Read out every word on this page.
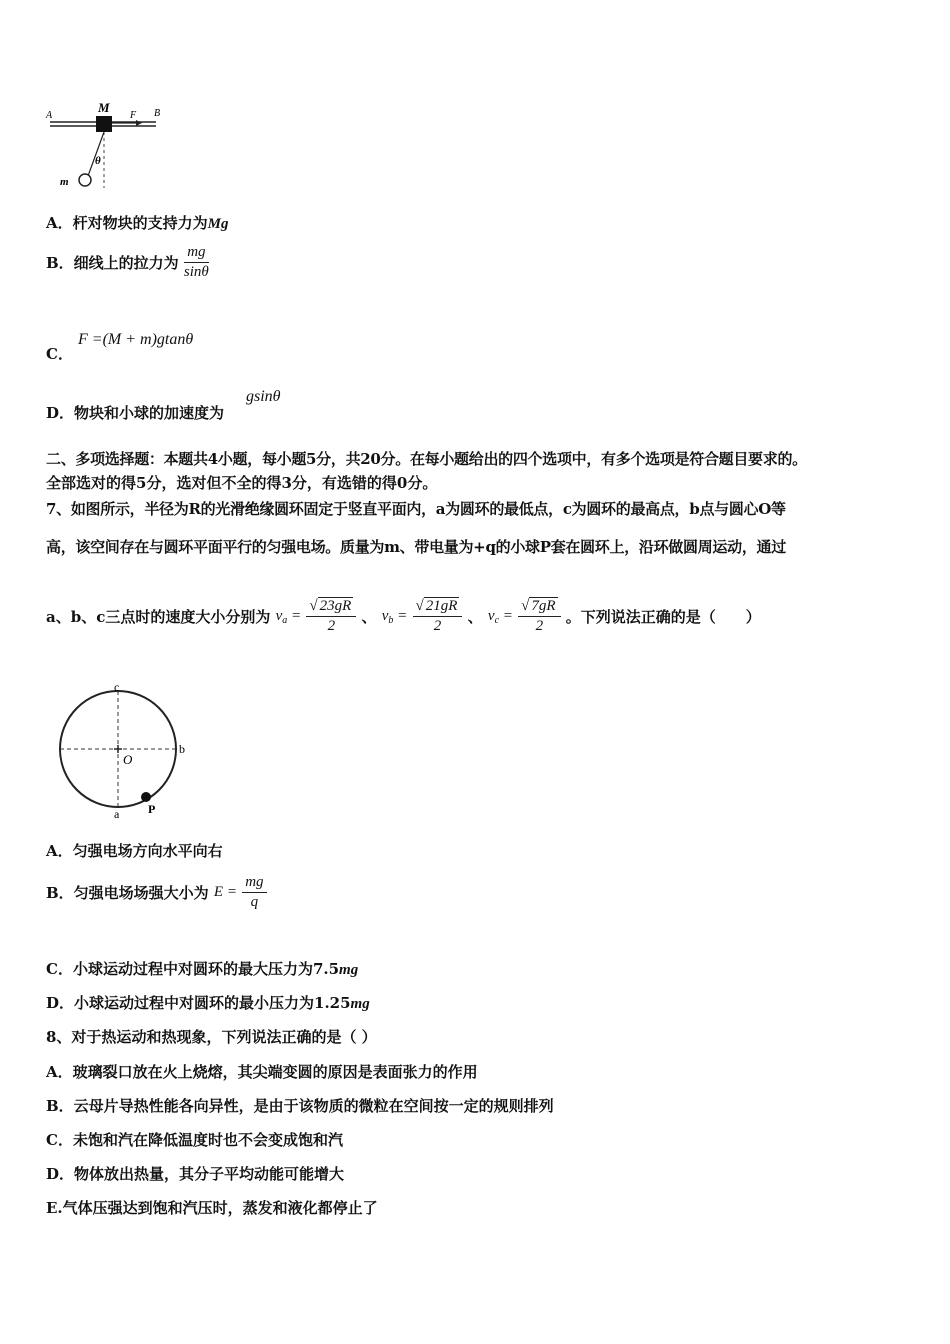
A
M
F B
θ
m
A．杆对物块的支持力为Mg
B．细线上的拉力为 $\frac{mg}{\sin\theta}$
C．
F =(M + m)gtanθ
D．物块和小球的加速度为
gsinθ
二、多项选择题：本题共4小题，每小题5分，共20分。在每小题给出的四个选项中，有多个选项是符合题目要求的。
全部选对的得5分，选对但不全的得3分，有选错的得0分。
7、如图所示，半径为R的光滑绝缘圆环固定于竖直平面内，a为圆环的最低点，c为圆环的最高点，b点与圆心O等
高，该空间存在与圆环平面平行的匀强电场。质量为m、带电量为+q的小球P套在圆环上，沿环做圆周运动，通过
a、b、c三点时的速度大小分别为 $v_a = \frac{√ 23gR}{2}$ 、 $v_b = \frac{√ 21gR}{2}$ 、 $v_c = \frac{√ 7gR}{2}$ 。下列说法正确的是（　　）
c
b
O
a P
A．匀强电场方向水平向右
B．匀强电场场强大小为 $E = \frac{mg}{q}$
C．小球运动过程中对圆环的最大压力为7.5mg
D．小球运动过程中对圆环的最小压力为1.25mg
8、对于热运动和热现象，下列说法正确的是（ ）
A．玻璃裂口放在火上烧熔，其尖端变圆的原因是表面张力的作用
B．云母片导热性能各向异性，是由于该物质的微粒在空间按一定的规则排列
C．未饱和汽在降低温度时也不会变成饱和汽
D．物体放出热量，其分子平均动能可能增大
E.气体压强达到饱和汽压时，蒸发和液化都停止了
